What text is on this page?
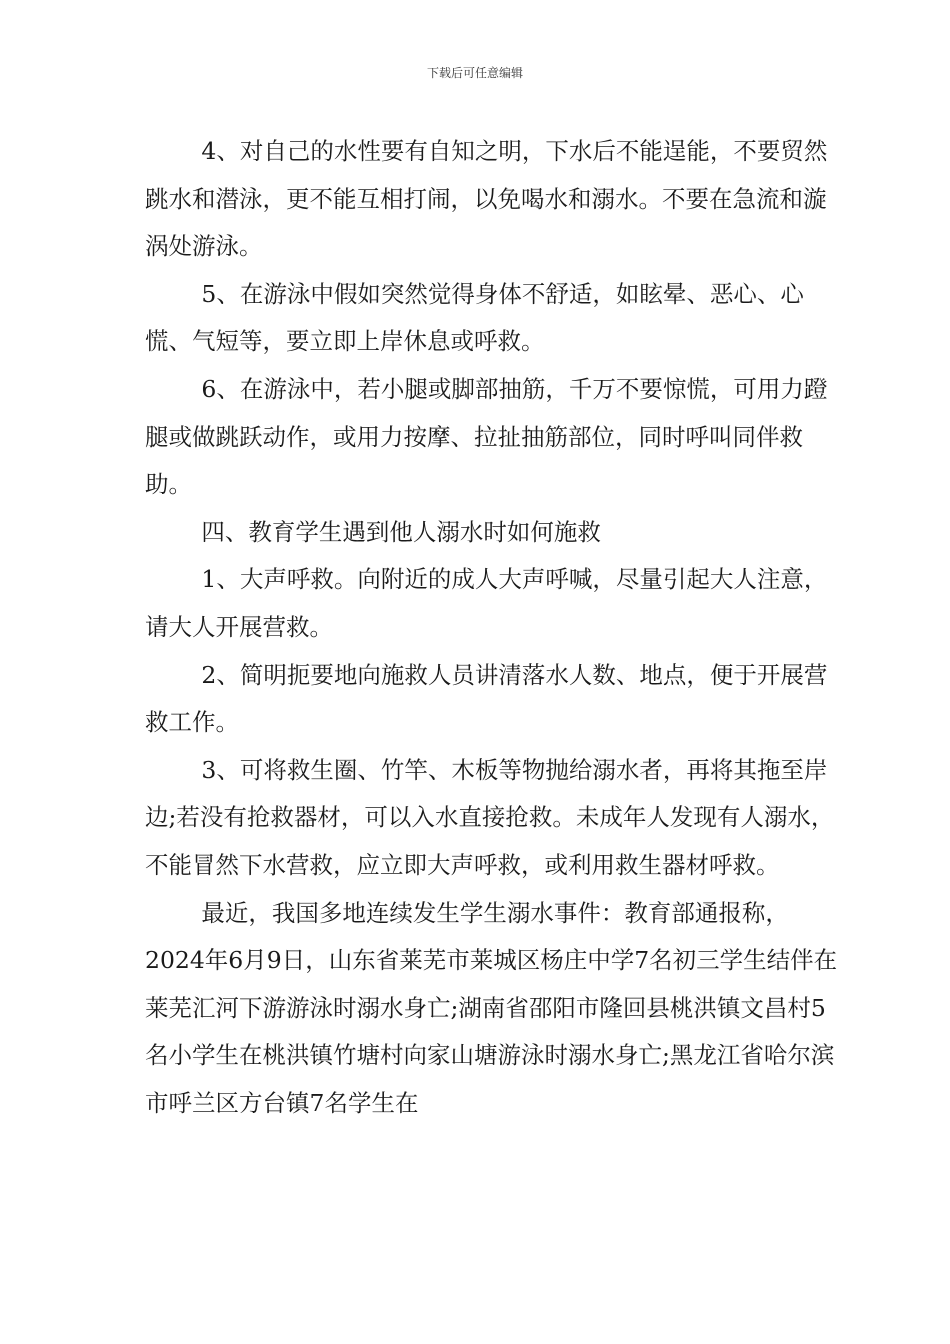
下载后可任意编辑

4、对自己的水性要有自知之明，下水后不能逞能，不要贸然跳水和潜泳，更不能互相打闹，以免喝水和溺水。不要在急流和漩涡处游泳。

5、在游泳中假如突然觉得身体不舒适，如眩晕、恶心、心慌、气短等，要立即上岸休息或呼救。

6、在游泳中，若小腿或脚部抽筋，千万不要惊慌，可用力蹬腿或做跳跃动作，或用力按摩、拉扯抽筋部位，同时呼叫同伴救助。

四、教育学生遇到他人溺水时如何施救

1、大声呼救。向附近的成人大声呼喊，尽量引起大人注意，请大人开展营救。

2、简明扼要地向施救人员讲清落水人数、地点，便于开展营救工作。

3、可将救生圈、竹竿、木板等物抛给溺水者，再将其拖至岸边;若没有抢救器材，可以入水直接抢救。未成年人发现有人溺水，不能冒然下水营救，应立即大声呼救，或利用救生器材呼救。

最近，我国多地连续发生学生溺水事件：教育部通报称，2024年6月9日，山东省莱芜市莱城区杨庄中学7名初三学生结伴在莱芜汇河下游游泳时溺水身亡;湖南省邵阳市隆回县桃洪镇文昌村5名小学生在桃洪镇竹塘村向家山塘游泳时溺水身亡;黑龙江省哈尔滨市呼兰区方台镇7名学生在
